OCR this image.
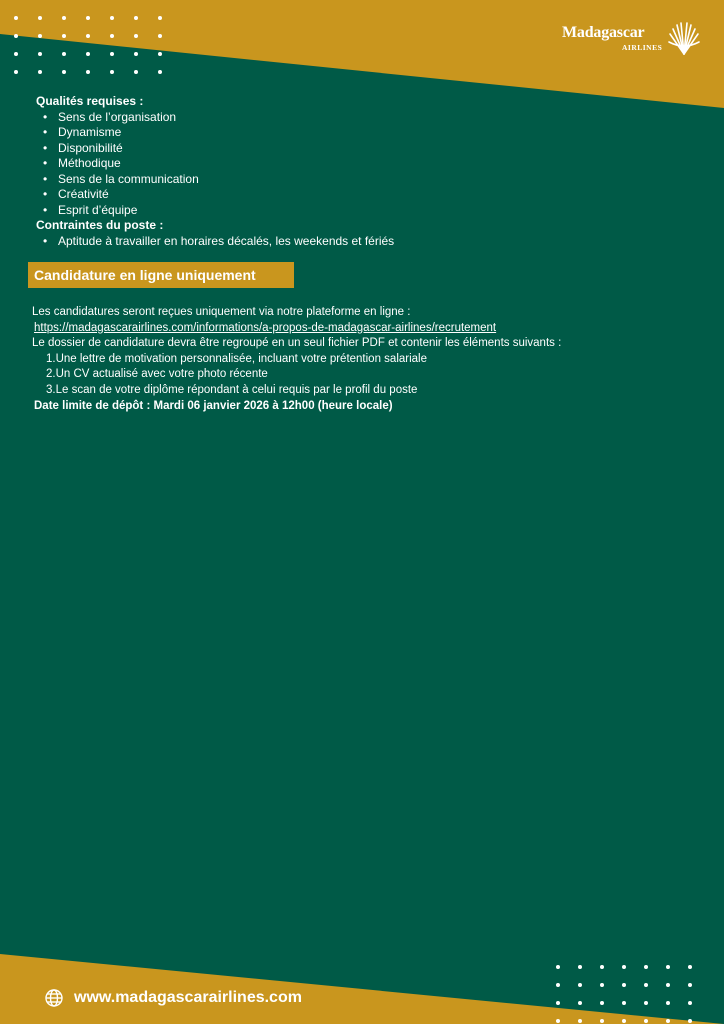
Madagascar
AIRLINES
Qualités requises :
• Sens de l’organisation
• Dynamisme
• Disponibilité
• Méthodique
• Sens de la communication
• Créativité
• Esprit d’équipe
Contraintes du poste :
• Aptitude à travailler en horaires décalés, les weekends et fériés
Candidature en ligne uniquement
Les candidatures seront reçues uniquement via notre plateforme en ligne :
https://madagascarairlines.com/informations/a-propos-de-madagascar-airlines/recrutement
Le dossier de candidature devra être regroupé en un seul fichier PDF et contenir les éléments suivants :
1.Une lettre de motivation personnalisée, incluant votre prétention salariale
2.Un CV actualisé avec votre photo récente
3.Le scan de votre diplôme répondant à celui requis par le profil du poste
Date limite de dépôt : Mardi 06 janvier 2026 à 12h00 (heure locale)
www.madagascarairlines.com
